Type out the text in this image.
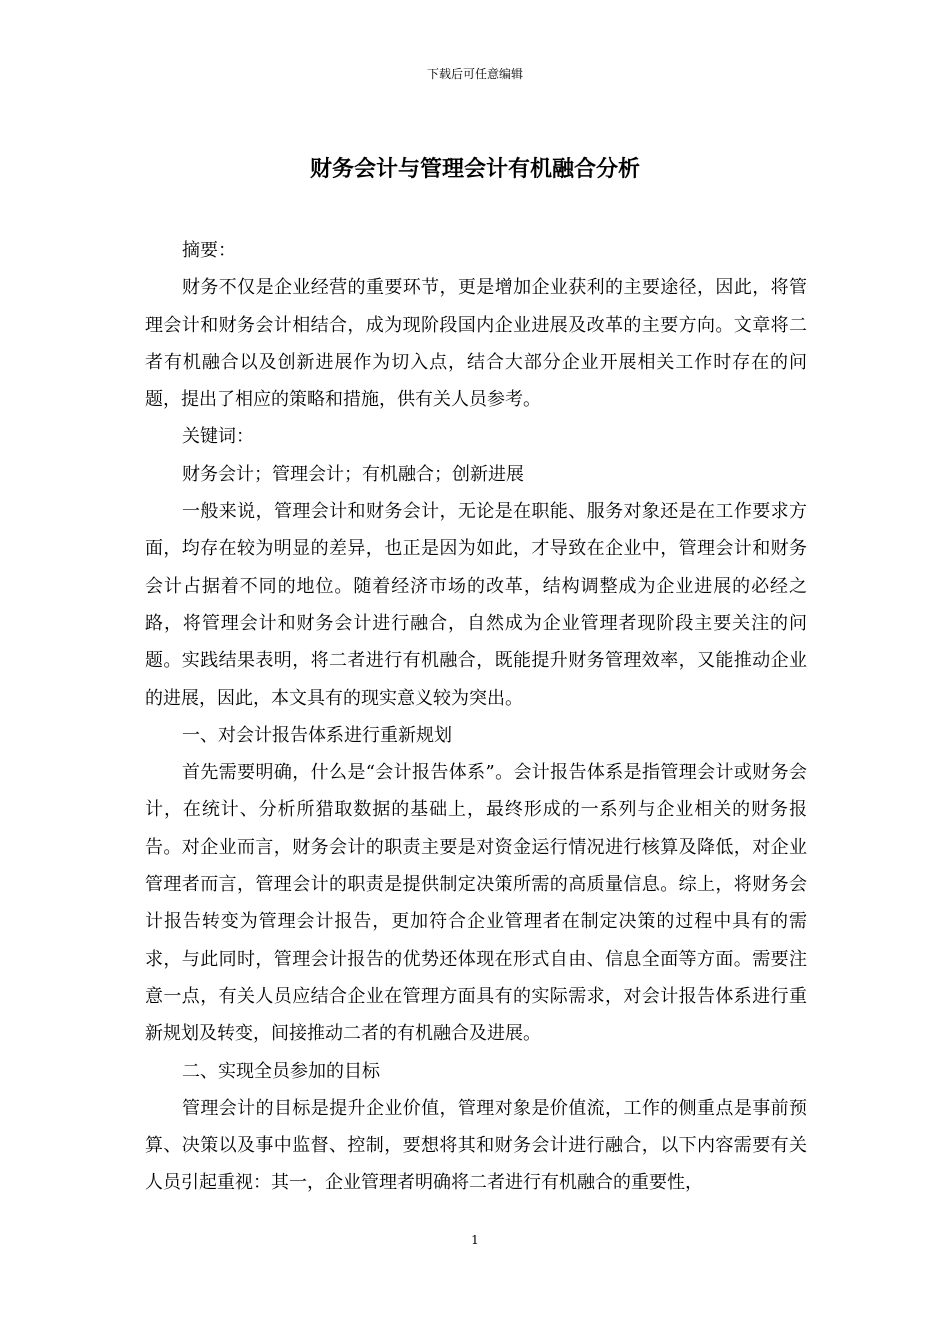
下载后可任意编辑
财务会计与管理会计有机融合分析

摘要：

财务不仅是企业经营的重要环节，更是增加企业获利的主要途径，因此，将管理会计和财务会计相结合，成为现阶段国内企业进展及改革的主要方向。文章将二者有机融合以及创新进展作为切入点，结合大部分企业开展相关工作时存在的问题，提出了相应的策略和措施，供有关人员参考。

关键词：

财务会计；管理会计；有机融合；创新进展

一般来说，管理会计和财务会计，无论是在职能、服务对象还是在工作要求方面，均存在较为明显的差异，也正是因为如此，才导致在企业中，管理会计和财务会计占据着不同的地位。随着经济市场的改革，结构调整成为企业进展的必经之路，将管理会计和财务会计进行融合，自然成为企业管理者现阶段主要关注的问题。实践结果表明，将二者进行有机融合，既能提升财务管理效率，又能推动企业的进展，因此，本文具有的现实意义较为突出。

一、对会计报告体系进行重新规划

首先需要明确，什么是“会计报告体系”。会计报告体系是指管理会计或财务会计，在统计、分析所猎取数据的基础上，最终形成的一系列与企业相关的财务报告。对企业而言，财务会计的职责主要是对资金运行情况进行核算及降低，对企业管理者而言，管理会计的职责是提供制定决策所需的高质量信息。综上，将财务会计报告转变为管理会计报告，更加符合企业管理者在制定决策的过程中具有的需求，与此同时，管理会计报告的优势还体现在形式自由、信息全面等方面。需要注意一点，有关人员应结合企业在管理方面具有的实际需求，对会计报告体系进行重新规划及转变，间接推动二者的有机融合及进展。

二、实现全员参加的目标

管理会计的目标是提升企业价值，管理对象是价值流，工作的侧重点是事前预算、决策以及事中监督、控制，要想将其和财务会计进行融合，以下内容需要有关人员引起重视：其一，企业管理者明确将二者进行有机融合的重要性，

1
